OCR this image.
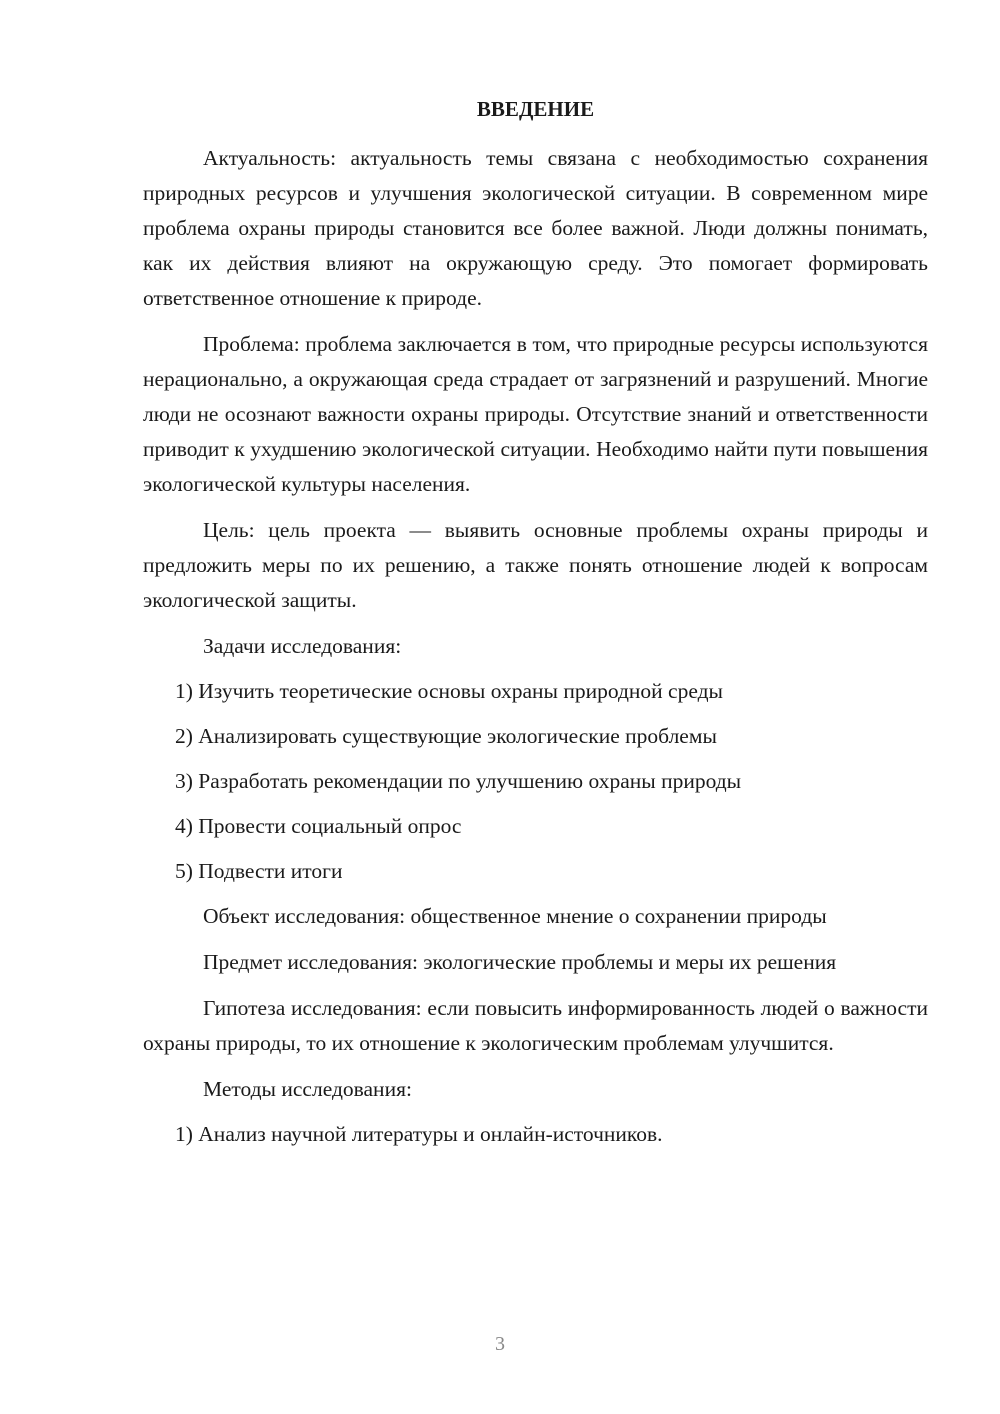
ВВЕДЕНИЕ

Актуальность: актуальность темы связана с необходимостью сохранения природных ресурсов и улучшения экологической ситуации. В современном мире проблема охраны природы становится все более важной. Люди должны понимать, как их действия влияют на окружающую среду. Это помогает формировать ответственное отношение к природе.

Проблема: проблема заключается в том, что природные ресурсы используются нерационально, а окружающая среда страдает от загрязнений и разрушений. Многие люди не осознают важности охраны природы. Отсутствие знаний и ответственности приводит к ухудшению экологической ситуации. Необходимо найти пути повышения экологической культуры населения.

Цель: цель проекта — выявить основные проблемы охраны природы и предложить меры по их решению, а также понять отношение людей к вопросам экологической защиты.

Задачи исследования:

1) Изучить теоретические основы охраны природной среды

2) Анализировать существующие экологические проблемы

3) Разработать рекомендации по улучшению охраны природы

4) Провести социальный опрос

5) Подвести итоги

Объект исследования: общественное мнение о сохранении природы

Предмет исследования: экологические проблемы и меры их решения

Гипотеза исследования: если повысить информированность людей о важности охраны природы, то их отношение к экологическим проблемам улучшится.

Методы исследования:

1) Анализ научной литературы и онлайн-источников.

3
